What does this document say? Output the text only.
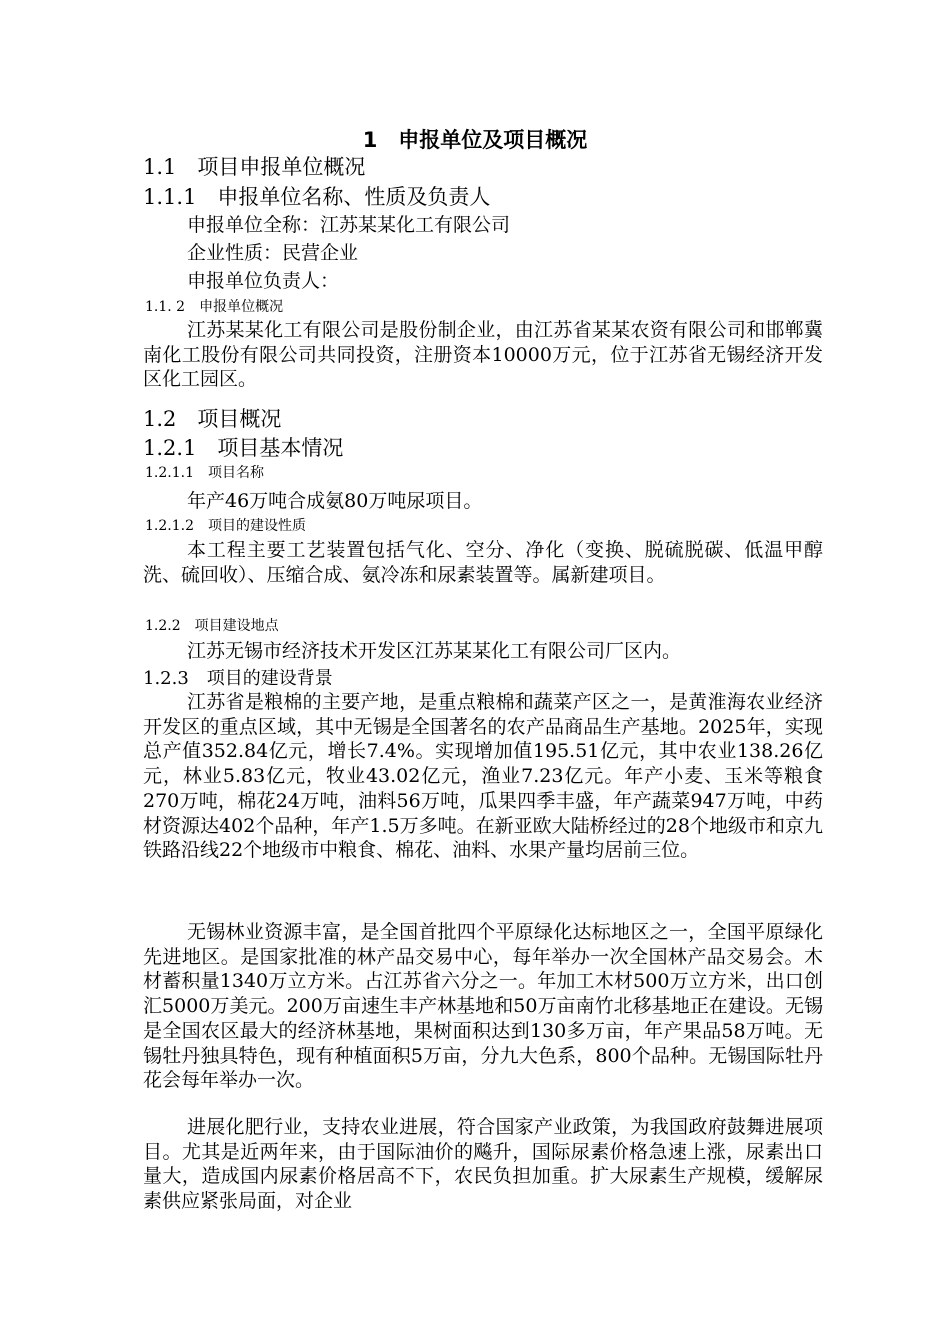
1　申报单位及项目概况
1.1　项目申报单位概况
1.1.1　申报单位名称、性质及负责人
申报单位全称：江苏某某化工有限公司
企业性质：民营企业
申报单位负责人：
1.1. 2　申报单位概况
江苏某某化工有限公司是股份制企业，由江苏省某某农资有限公司和邯郸冀南化工股份有限公司共同投资，注册资本10000万元，位于江苏省无锡经济开发区化工园区。
1.2　项目概况
1.2.1　项目基本情况
1.2.1.1　项目名称
年产46万吨合成氨80万吨尿项目。
1.2.1.2　项目的建设性质
本工程主要工艺装置包括气化、空分、净化（变换、脱硫脱碳、低温甲醇洗、硫回收）、压缩合成、氨冷冻和尿素装置等。属新建项目。
1.2.2　项目建设地点
江苏无锡市经济技术开发区江苏某某化工有限公司厂区内。
1.2.3　项目的建设背景
江苏省是粮棉的主要产地，是重点粮棉和蔬菜产区之一，是黄淮海农业经济开发区的重点区域，其中无锡是全国著名的农产品商品生产基地。2025年，实现总产值352.84亿元，增长7.4%。实现增加值195.51亿元，其中农业138.26亿元，林业5.83亿元，牧业43.02亿元，渔业7.23亿元。年产小麦、玉米等粮食270万吨，棉花24万吨，油料56万吨，瓜果四季丰盛，年产蔬菜947万吨，中药材资源达402个品种，年产1.5万多吨。在新亚欧大陆桥经过的28个地级市和京九铁路沿线22个地级市中粮食、棉花、油料、水果产量均居前三位。
无锡林业资源丰富，是全国首批四个平原绿化达标地区之一，全国平原绿化先进地区。是国家批准的林产品交易中心，每年举办一次全国林产品交易会。木材蓄积量1340万立方米。占江苏省六分之一。年加工木材500万立方米，出口创汇5000万美元。200万亩速生丰产林基地和50万亩南竹北移基地正在建设。无锡是全国农区最大的经济林基地，果树面积达到130多万亩，年产果品58万吨。无锡牡丹独具特色，现有种植面积5万亩，分九大色系，800个品种。无锡国际牡丹花会每年举办一次。
进展化肥行业，支持农业进展，符合国家产业政策，为我国政府鼓舞进展项目。尤其是近两年来，由于国际油价的飚升，国际尿素价格急速上涨，尿素出口量大，造成国内尿素价格居高不下，农民负担加重。扩大尿素生产规模，缓解尿素供应紧张局面，对企业
